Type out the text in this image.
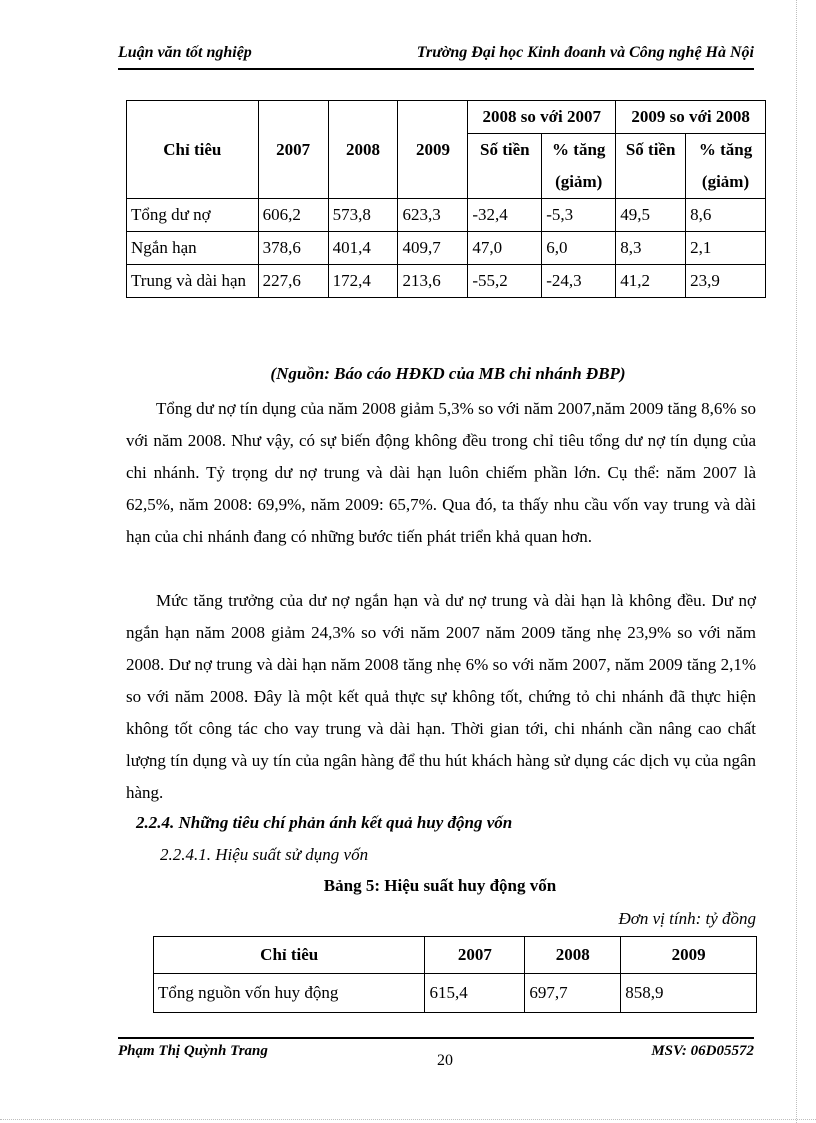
Luận văn tốt nghiệp	Trường Đại học Kinh đoanh và Công nghệ Hà Nội
Chỉ tiêu	2007	2008	2009	2008 so với 2007		2009 so với 2008	
				Số tiền	% tăng (giảm)	Số tiền	% tăng (giảm)
Tổng dư nợ	606,2	573,8	623,3	-32,4	-5,3	49,5	8,6
Ngắn hạn	378,6	401,4	409,7	47,0	6,0	8,3	2,1
Trung và dài hạn	227,6	172,4	213,6	-55,2	-24,3	41,2	23,9
(Nguồn: Báo cáo HĐKD của MB chi nhánh ĐBP)
Tổng dư nợ tín dụng của năm 2008 giảm 5,3% so với năm 2007,năm 2009 tăng 8,6% so với năm 2008. Như vậy, có sự biến động không đều trong chỉ tiêu tổng dư nợ tín dụng của chi nhánh. Tỷ trọng dư nợ trung và dài hạn luôn chiếm phần lớn. Cụ thể: năm 2007 là 62,5%, năm 2008: 69,9%, năm 2009: 65,7%. Qua đó, ta thấy nhu cầu vốn vay trung và dài hạn của chi nhánh đang có những bước tiến phát triển khả quan hơn.
Mức tăng trưởng của dư nợ ngắn hạn và dư nợ trung và dài hạn là không đều. Dư nợ ngắn hạn năm 2008 giảm 24,3% so với năm 2007 năm 2009 tăng nhẹ 23,9% so với năm 2008. Dư nợ trung và dài hạn năm 2008 tăng nhẹ 6% so với năm 2007, năm 2009 tăng 2,1% so với năm 2008. Đây là một kết quả thực sự không tốt, chứng tỏ chi nhánh đã thực hiện không tốt công tác cho vay trung và dài hạn. Thời gian tới, chi nhánh cần nâng cao chất lượng tín dụng và uy tín của ngân hàng để thu hút khách hàng sử dụng các dịch vụ của ngân hàng.
2.2.4. Những tiêu chí phản ánh kết quả huy động vốn
2.2.4.1. Hiệu suất sử dụng vốn
Bảng 5: Hiệu suất huy động vốn
Đơn vị tính: tỷ đồng
Chỉ tiêu	2007	2008	2009
Tổng nguồn vốn huy động	615,4	697,7	858,9
Phạm Thị Quỳnh Trang
20
MSV: 06D05572
